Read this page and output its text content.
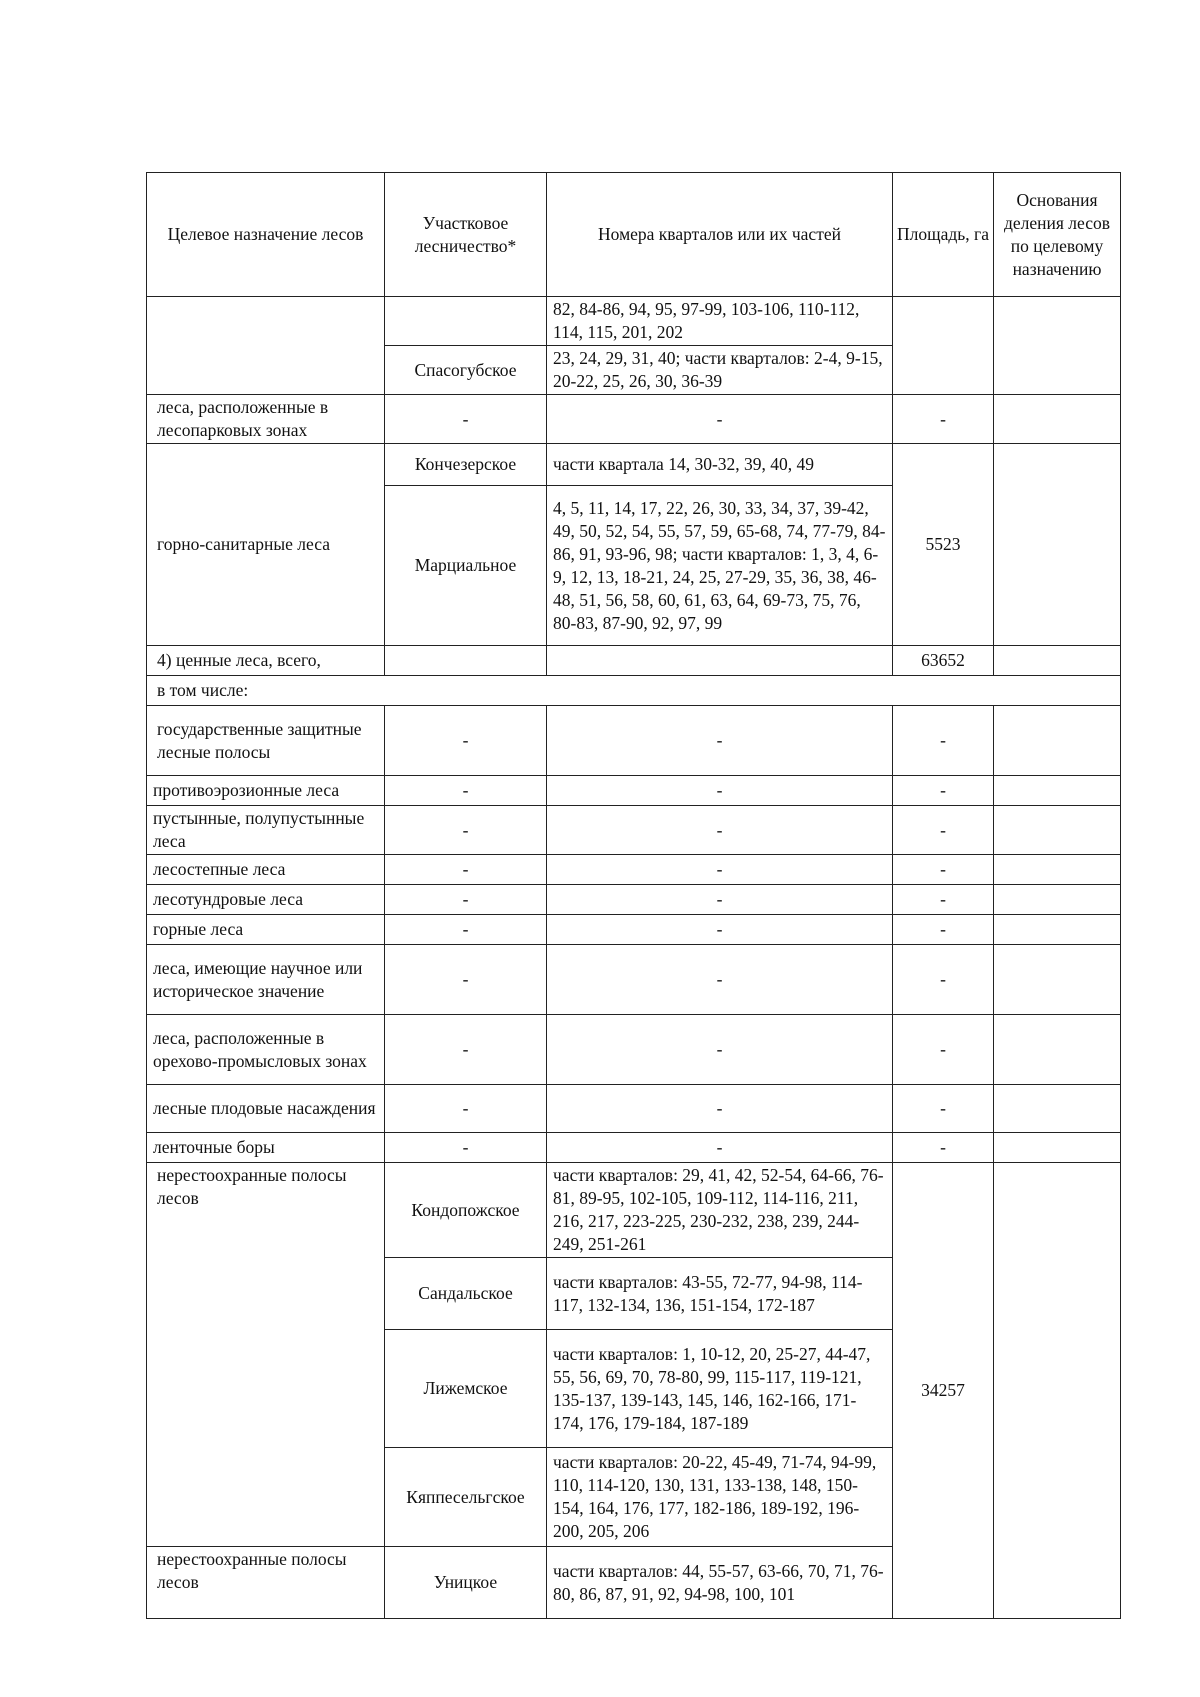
Целевое назначение лесов	Участковое лесничество*	Номера кварталов или их частей	Площадь, га	Основания деления лесов по целевому назначению
		82, 84-86, 94, 95, 97-99, 103-106, 110-112, 114, 115, 201, 202		
	Спасогубское	23, 24, 29, 31, 40; части кварталов: 2-4, 9-15, 20-22, 25, 26, 30, 36-39		
леса, расположенные в лесопарковых зонах	-	-	-	
горно-санитарные леса	Кончезерское	части квартала 14, 30-32, 39, 40, 49	5523	
	Марциальное	4, 5, 11, 14, 17, 22, 26, 30, 33, 34, 37, 39-42, 49, 50, 52, 54, 55, 57, 59, 65-68, 74, 77-79, 84-86, 91, 93-96, 98; части кварталов: 1, 3, 4, 6-9, 12, 13, 18-21, 24, 25, 27-29, 35, 36, 38, 46-48, 51, 56, 58, 60, 61, 63, 64, 69-73, 75, 76, 80-83, 87-90, 92, 97, 99		
4) ценные леса, всего,			63652	
в том числе:				
государственные защитные лесные полосы	-	-	-	
противоэрозионные леса	-	-	-	
пустынные, полупустынные леса	-	-	-	
лесостепные леса	-	-	-	
лесотундровые леса	-	-	-	
горные леса	-	-	-	
леса, имеющие научное или историческое значение	-	-	-	
леса, расположенные в орехово-промысловых зонах	-	-	-	
лесные плодовые насаждения	-	-	-	
ленточные боры	-	-	-	
нерестоохранные полосы лесов	Кондопожское	части кварталов: 29, 41, 42, 52-54, 64-66, 76-81, 89-95, 102-105, 109-112, 114-116, 211, 216, 217, 223-225, 230-232, 238, 239, 244-249, 251-261	34257	
	Сандальское	части кварталов: 43-55, 72-77, 94-98, 114-117, 132-134, 136, 151-154, 172-187		
	Лижемское	части кварталов: 1, 10-12, 20, 25-27, 44-47, 55, 56, 69, 70, 78-80, 99, 115-117, 119-121, 135-137, 139-143, 145, 146, 162-166, 171-174, 176, 179-184, 187-189		
	Кяппесельгское	части кварталов: 20-22, 45-49, 71-74, 94-99, 110, 114-120, 130, 131, 133-138, 148, 150-154, 164, 176, 177, 182-186, 189-192, 196-200, 205, 206		
нерестоохранные полосы лесов	Уницкое	части кварталов: 44, 55-57, 63-66, 70, 71, 76-80, 86, 87, 91, 92, 94-98, 100, 101		
